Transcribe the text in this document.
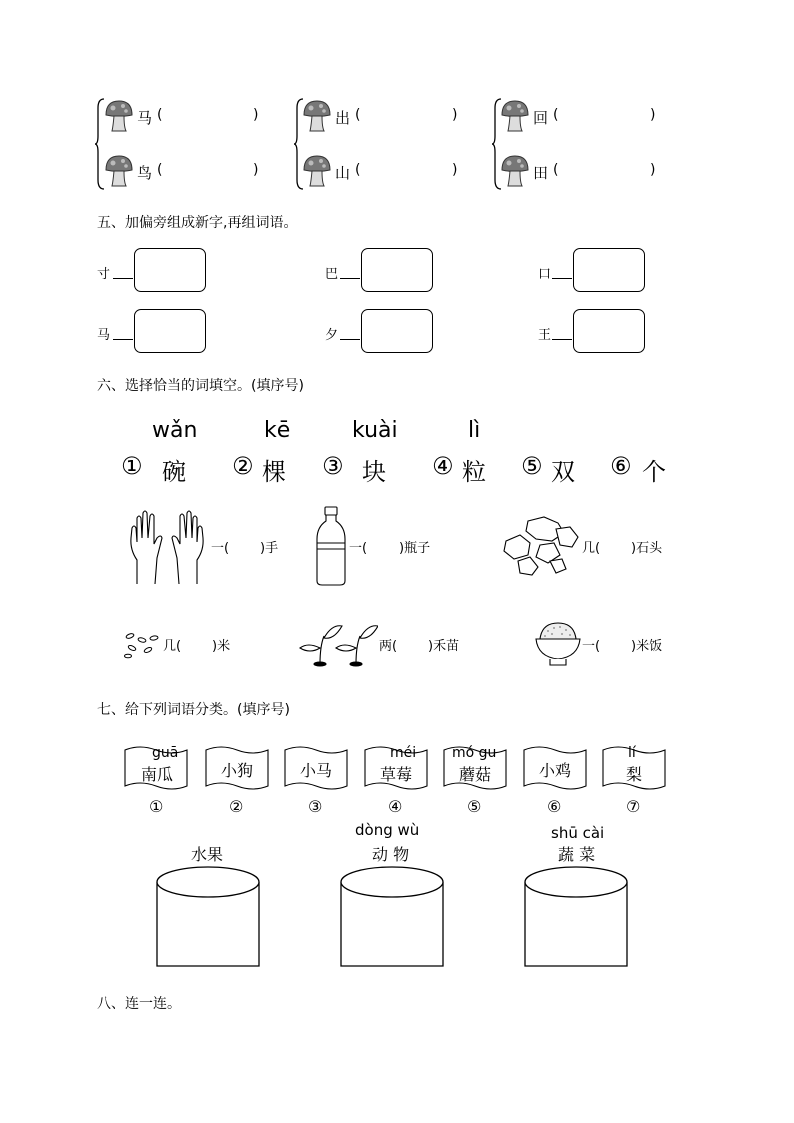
马 (	)	出 (	)	回 (	)
鸟 (	)	山 (	)	田 (	)
五、加偏旁组成新字,再组词语。
寸	巴	口
马	夕	王
六、选择恰当的词填空。(填序号)
wǎn	kē	kuài	lì
① 碗 ② 棵 ③ 块 ④ 粒 ⑤ 双 ⑥ 个
一( )手	一( )瓶子	几( )石头
几( )米	两( )禾苗	一( )米饭
七、给下列词语分类。(填序号)
guā
南瓜
①
小狗
②
小马
③
méi
草莓
④
mó gu
蘑菇
⑤
小鸡
⑥
lí
梨
⑦
水果
dòng wù
动 物
shū cài
蔬 菜
八、连一连。
